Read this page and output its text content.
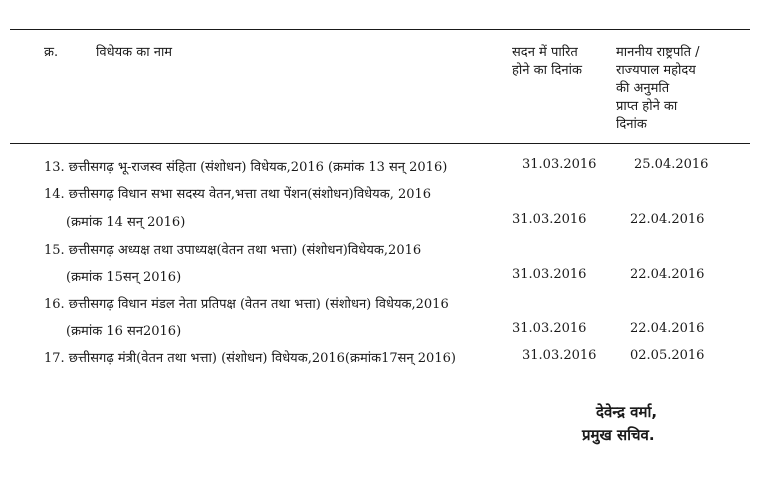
क्र.	विधेयक का नाम	सदन में पारित
होने का दिनांक
माननीय राष्ट्रपति /
राज्यपाल महोदय
की अनुमति
प्राप्त होने का
दिनांक
13. छत्तीसगढ़ भू-राजस्व संहिता (संशोधन) विधेयक,2016 (क्रमांक 13 सन् 2016)	31.03.2016	25.04.2016
14. छत्तीसगढ़ विधान सभा सदस्य वेतन,भत्ता तथा पेंशन(संशोधन)विधेयक, 2016
(क्रमांक 14 सन् 2016)	31.03.2016	22.04.2016
15. छत्तीसगढ़ अध्यक्ष तथा उपाध्यक्ष(वेतन तथा भत्ता) (संशोधन)विधेयक,2016
(क्रमांक 15सन् 2016)	31.03.2016	22.04.2016
16. छत्तीसगढ़ विधान मंडल नेता प्रतिपक्ष (वेतन तथा भत्ता) (संशोधन) विधेयक,2016
(क्रमांक 16 सन2016)	31.03.2016	22.04.2016
17. छत्तीसगढ़ मंत्री(वेतन तथा भत्ता) (संशोधन) विधेयक,2016(क्रमांक17सन् 2016)	31.03.2016	02.05.2016
देवेन्द्र वर्मा,
प्रमुख सचिव.
